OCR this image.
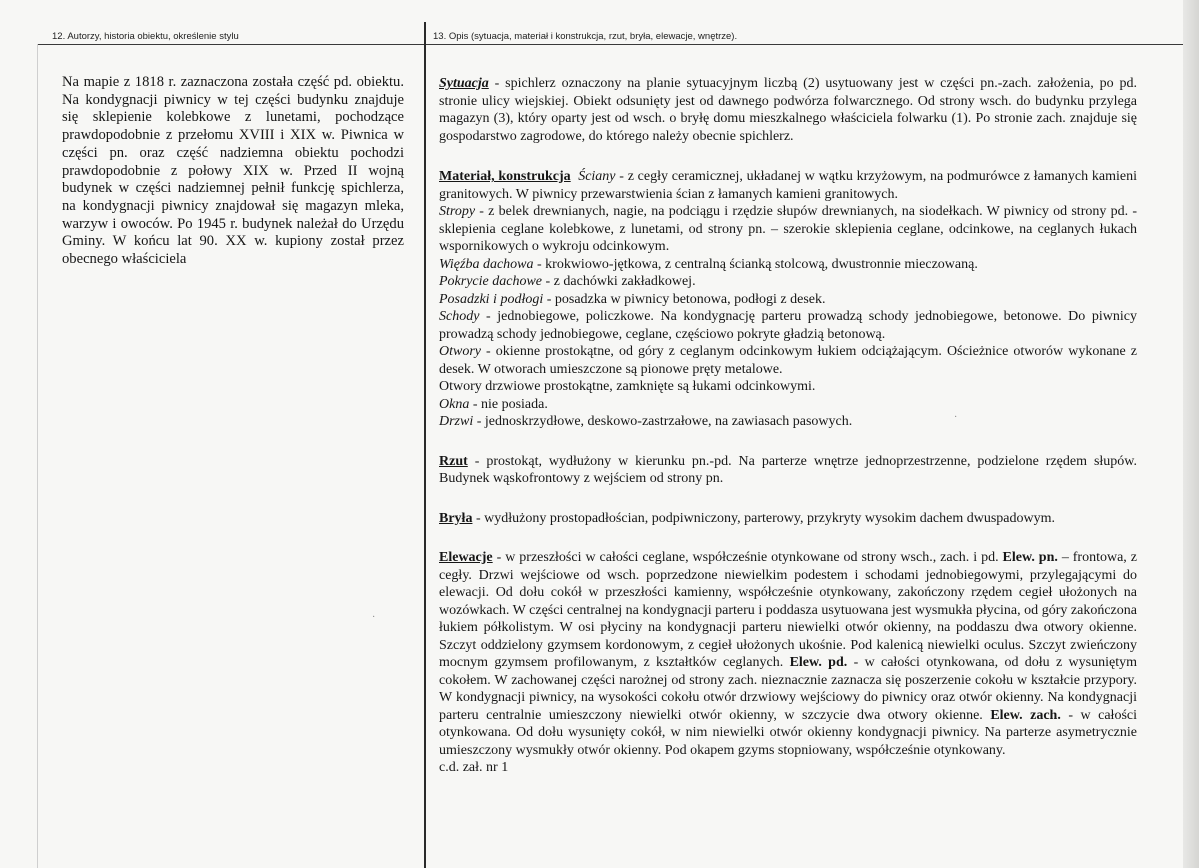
12. Autorzy, historia obiektu, określenie stylu	13. Opis (sytuacja, materiał i konstrukcja, rzut, bryła, elewacje, wnętrze).
Na mapie z 1818 r. zaznaczona została część pd. obiektu. Na kondygnacji piwnicy w tej części budynku znajduje się sklepienie kolebkowe z lunetami, pochodzące prawdopodobnie z przełomu XVIII i XIX w. Piwnica w części pn. oraz część nadziemna obiektu pochodzi prawdopodobnie z połowy XIX w. Przed II wojną budynek w części nadziemnej pełnił funkcję spichlerza, na kondygnacji piwnicy znajdował się magazyn mleka, warzyw i owoców. Po 1945 r. budynek należał do Urzędu Gminy. W końcu lat 90. XX w. kupiony został przez obecnego właściciela

Sytuacja - spichlerz oznaczony na planie sytuacyjnym liczbą (2) usytuowany jest w części pn.-zach. założenia, po pd. stronie ulicy wiejskiej. Obiekt odsunięty jest od dawnego podwórza folwarcznego. Od strony wsch. do budynku przylega magazyn (3), który oparty jest od wsch. o bryłę domu mieszkalnego właściciela folwarku (1). Po stronie zach. znajduje się gospodarstwo zagrodowe, do którego należy obecnie spichlerz.

Materiał, konstrukcja Ściany - z cegły ceramicznej, układanej w wątku krzyżowym, na podmurówce z łamanych kamieni granitowych. W piwnicy przewarstwienia ścian z łamanych kamieni granitowych.

Stropy - z belek drewnianych, nagie, na podciągu i rzędzie słupów drewnianych, na siodełkach. W piwnicy od strony pd. - sklepienia ceglane kolebkowe, z lunetami, od strony pn. – szerokie sklepienia ceglane, odcinkowe, na ceglanych łukach wspornikowych o wykroju odcinkowym.

Więźba dachowa - krokwiowo-jętkowa, z centralną ścianką stolcową, dwustronnie mieczowaną.

Pokrycie dachowe - z dachówki zakładkowej.

Posadzki i podłogi - posadzka w piwnicy betonowa, podłogi z desek.

Schody - jednobiegowe, policzkowe. Na kondygnację parteru prowadzą schody jednobiegowe, betonowe. Do piwnicy prowadzą schody jednobiegowe, ceglane, częściowo pokryte gładzią betonową.

Otwory - okienne prostokątne, od góry z ceglanym odcinkowym łukiem odciążającym. Ościeżnice otworów wykonane z desek. W otworach umieszczone są pionowe pręty metalowe.

Otwory drzwiowe prostokątne, zamknięte są łukami odcinkowymi.

Okna - nie posiada.

Drzwi - jednoskrzydłowe, deskowo-zastrzałowe, na zawiasach pasowych.

Rzut - prostokąt, wydłużony w kierunku pn.-pd. Na parterze wnętrze jednoprzestrzenne, podzielone rzędem słupów. Budynek wąskofrontowy z wejściem od strony pn.

Bryła - wydłużony prostopadłościan, podpiwniczony, parterowy, przykryty wysokim dachem dwuspadowym.

Elewacje - w przeszłości w całości ceglane, współcześnie otynkowane od strony wsch., zach. i pd. Elew. pn. – frontowa, z cegły. Drzwi wejściowe od wsch. poprzedzone niewielkim podestem i schodami jednobiegowymi, przylegającymi do elewacji. Od dołu cokół w przeszłości kamienny, współcześnie otynkowany, zakończony rzędem cegieł ułożonych na wozówkach. W części centralnej na kondygnacji parteru i poddasza usytuowana jest wysmukła płycina, od góry zakończona łukiem półkolistym. W osi płyciny na kondygnacji parteru niewielki otwór okienny, na poddaszu dwa otwory okienne. Szczyt oddzielony gzymsem kordonowym, z cegieł ułożonych ukośnie. Pod kalenicą niewielki oculus. Szczyt zwieńczony mocnym gzymsem profilowanym, z kształtków ceglanych. Elew. pd. - w całości otynkowana, od dołu z wysuniętym cokołem. W zachowanej części narożnej od strony zach. nieznacznie zaznacza się poszerzenie cokołu w kształcie przypory. W kondygnacji piwnicy, na wysokości cokołu otwór drzwiowy wejściowy do piwnicy oraz otwór okienny. Na kondygnacji parteru centralnie umieszczony niewielki otwór okienny, w szczycie dwa otwory okienne. Elew. zach. - w całości otynkowana. Od dołu wysunięty cokół, w nim niewielki otwór okienny kondygnacji piwnicy. Na parterze asymetrycznie umieszczony wysmukły otwór okienny. Pod okapem gzyms stopniowany, współcześnie otynkowany.

c.d. zał. nr 1

·
·
